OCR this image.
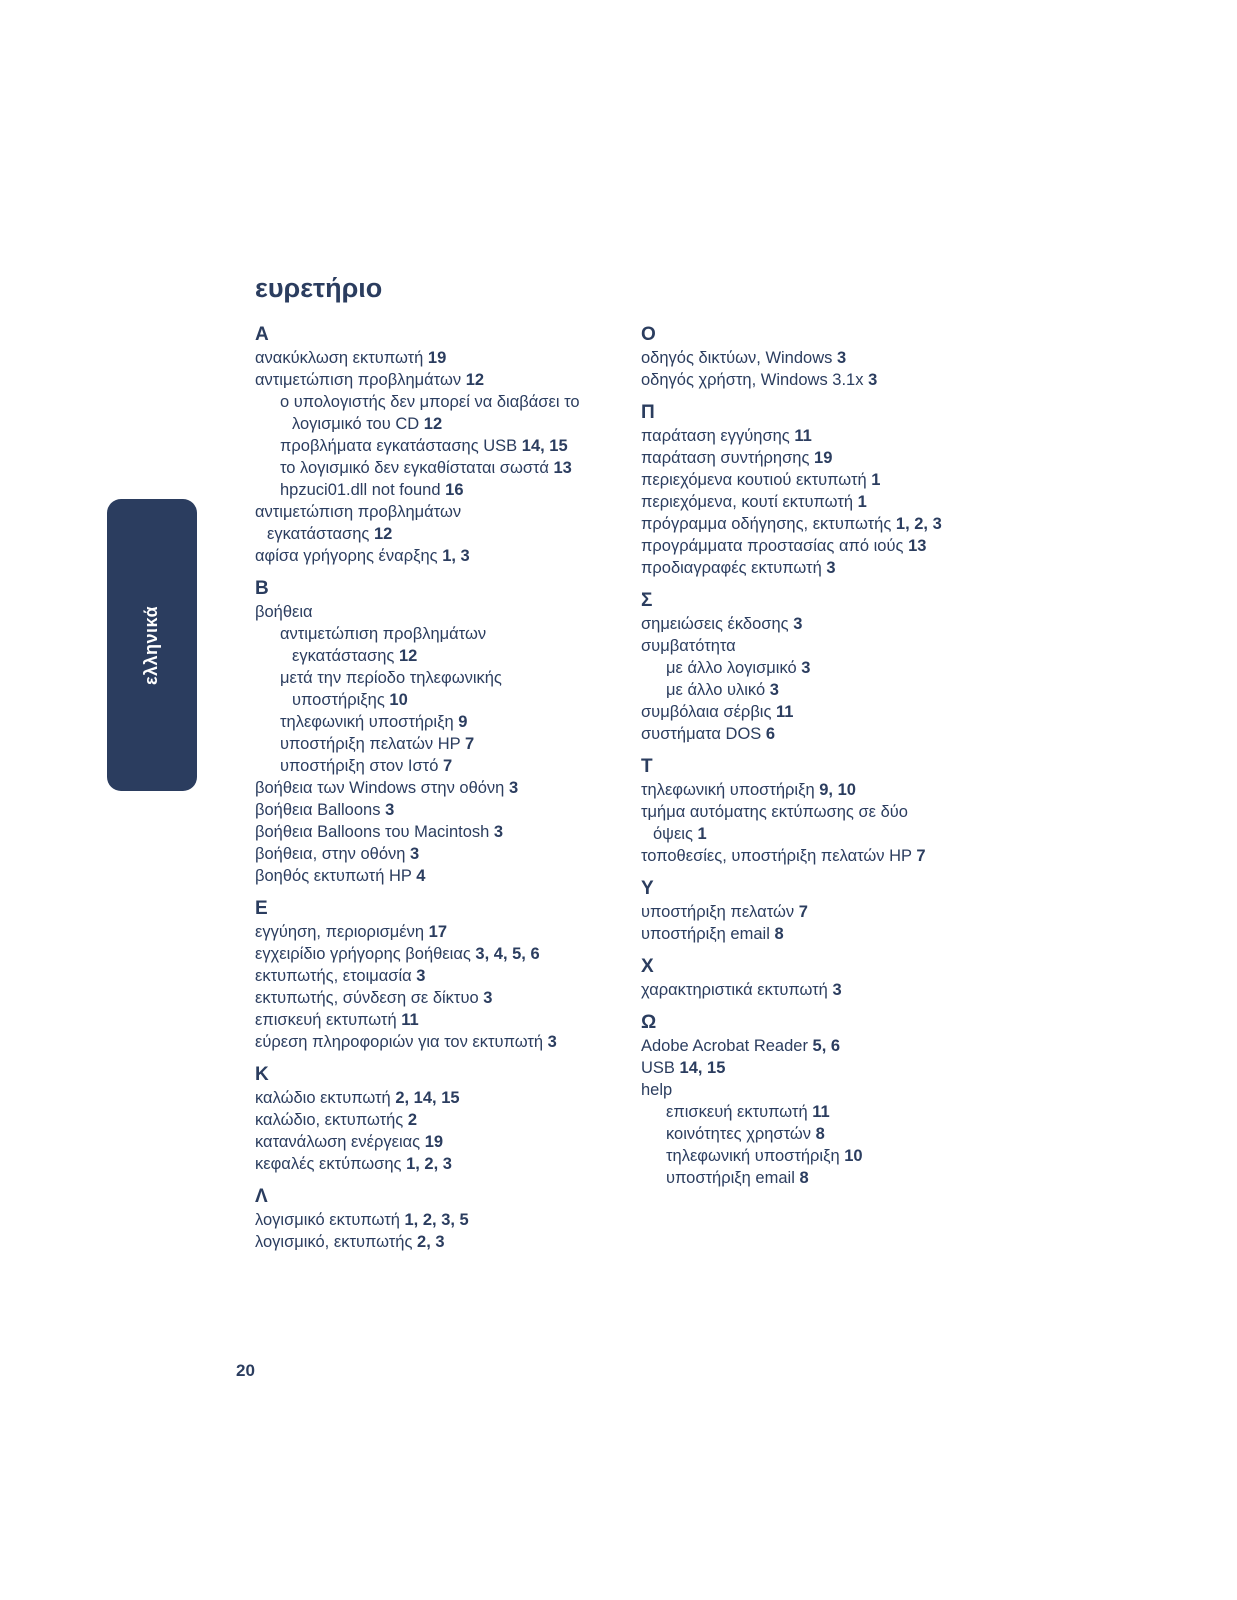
ευρετήριο
ελληνικά
Α
ανακύκλωση εκτυπωτή 19
αντιμετώπιση προβλημάτων 12
ο υπολογιστής δεν μπορεί να διαβάσει το
λογισμικό του CD 12
προβλήματα εγκατάστασης USB 14, 15
το λογισμικό δεν εγκαθίσταται σωστά 13
hpzuci01.dll not found 16
αντιμετώπιση προβλημάτων
εγκατάστασης 12
αφίσα γρήγορης έναρξης 1, 3
Β
βοήθεια
αντιμετώπιση προβλημάτων
εγκατάστασης 12
μετά την περίοδο τηλεφωνικής
υποστήριξης 10
τηλεφωνική υποστήριξη 9
υποστήριξη πελατών HP 7
υποστήριξη στον Ιστό 7
βοήθεια των Windows στην οθόνη 3
βοήθεια Balloons 3
βοήθεια Balloons του Macintosh 3
βοήθεια, στην οθόνη 3
βοηθός εκτυπωτή HP 4
Ε
εγγύηση, περιορισμένη 17
εγχειρίδιο γρήγορης βοήθειας 3, 4, 5, 6
εκτυπωτής, ετοιμασία 3
εκτυπωτής, σύνδεση σε δίκτυο 3
επισκευή εκτυπωτή 11
εύρεση πληροφοριών για τον εκτυπωτή 3
Κ
καλώδιο εκτυπωτή 2, 14, 15
καλώδιο, εκτυπωτής 2
κατανάλωση ενέργειας 19
κεφαλές εκτύπωσης 1, 2, 3
Λ
λογισμικό εκτυπωτή 1, 2, 3, 5
λογισμικό, εκτυπωτής 2, 3
Ο
οδηγός δικτύων, Windows 3
οδηγός χρήστη, Windows 3.1x 3
Π
παράταση εγγύησης 11
παράταση συντήρησης 19
περιεχόμενα κουτιού εκτυπωτή 1
περιεχόμενα, κουτί εκτυπωτή 1
πρόγραμμα οδήγησης, εκτυπωτής 1, 2, 3
προγράμματα προστασίας από ιούς 13
προδιαγραφές εκτυπωτή 3
Σ
σημειώσεις έκδοσης 3
συμβατότητα
με άλλο λογισμικό 3
με άλλο υλικό 3
συμβόλαια σέρβις 11
συστήματα DOS 6
Τ
τηλεφωνική υποστήριξη 9, 10
τμήμα αυτόματης εκτύπωσης σε δύο
όψεις 1
τοποθεσίες, υποστήριξη πελατών HP 7
Υ
υποστήριξη πελατών 7
υποστήριξη email 8
Χ
χαρακτηριστικά εκτυπωτή 3
Ω
Adobe Acrobat Reader 5, 6
USB 14, 15
help
επισκευή εκτυπωτή 11
κοινότητες χρηστών 8
τηλεφωνική υποστήριξη 10
υποστήριξη email 8
20
